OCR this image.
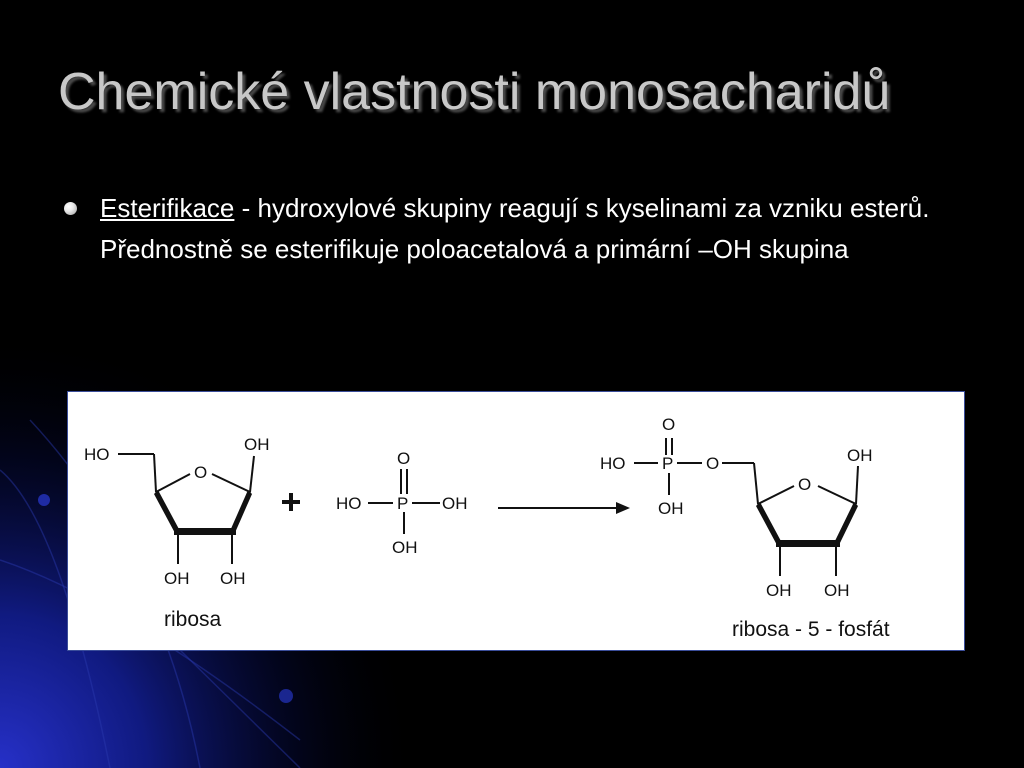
Chemické vlastnosti monosacharidů
Esterifikace - hydroxylové skupiny reagují s kyselinami za vzniku esterů. Přednostně se esterifikuje poloacetalová a primární –OH skupina
HO
O
OH
OH OH
ribosa
O
HO P OH
OH
O
HO P O
OH
O
OH
OH OH
ribosa - 5 - fosfát
